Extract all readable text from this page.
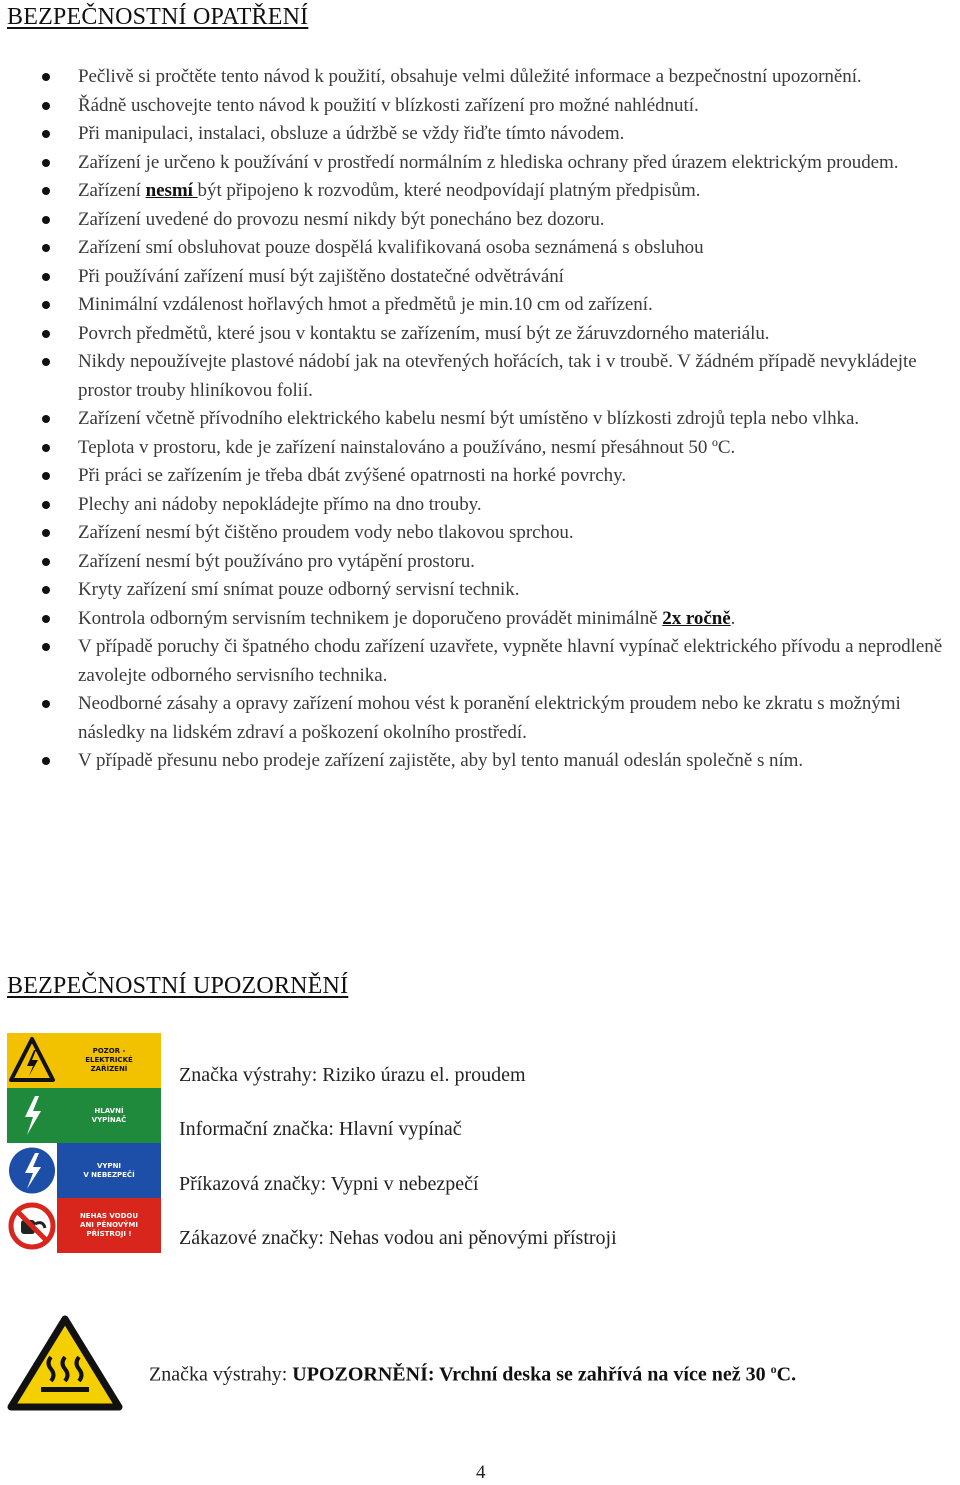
BEZPEČNOSTNÍ OPATŘENÍ
Pečlivě si pročtěte tento návod k použití, obsahuje velmi důležité informace a bezpečnostní upozornění.
Řádně uschovejte tento návod k použití v blízkosti zařízení pro možné nahlédnutí.
Při manipulaci, instalaci, obsluze a údržbě se vždy řiďte tímto návodem.
Zařízení je určeno k používání v prostředí normálním z hlediska ochrany před úrazem elektrickým proudem.
Zařízení nesmí být připojeno k rozvodům, které neodpovídají platným předpisům.
Zařízení uvedené do provozu nesmí nikdy být ponecháno bez dozoru.
Zařízení smí obsluhovat pouze dospělá kvalifikovaná osoba seznámená s obsluhou
Při používání zařízení musí být zajištěno dostatečné odvětrávání
Minimální vzdálenost hořlavých hmot a předmětů je min.10 cm od zařízení.
Povrch předmětů, které jsou v kontaktu se zařízením, musí být ze žáruvzdorného materiálu.
Nikdy nepoužívejte plastové nádobí jak na otevřených hořácích, tak i v troubě. V žádném případě nevykládejte prostor trouby hliníkovou folií.
Zařízení včetně přívodního elektrického kabelu nesmí být umístěno v blízkosti zdrojů tepla nebo vlhka.
Teplota v prostoru, kde je zařízení nainstalováno a používáno, nesmí přesáhnout 50 ºC.
Při práci se zařízením je třeba dbát zvýšené opatrnosti na horké povrchy.
Plechy ani nádoby nepokládejte přímo na dno trouby.
Zařízení nesmí být čištěno proudem vody nebo tlakovou sprchou.
Zařízení nesmí být používáno pro vytápění prostoru.
Kryty zařízení smí snímat pouze odborný servisní technik.
Kontrola odborným servisním technikem je doporučeno provádět minimálně 2x ročně.
V případě poruchy či špatného chodu zařízení uzavřete, vypněte hlavní vypínač elektrického přívodu a neprodleně zavolejte odborného servisního technika.
Neodborné zásahy a opravy zařízení mohou vést k poranění elektrickým proudem nebo ke zkratu s možnými následky na lidském zdraví a poškození okolního prostředí.
V případě přesunu nebo prodeje zařízení zajistěte, aby byl tento manuál odeslán společně s ním.
BEZPEČNOSTNÍ UPOZORNĚNÍ
POZOR -
ELEKTRICKÉ
ZAŘÍZENÍ
HLAVNÍ
VYPÍNAČ
VYPNI
V NEBEZPEČÍ
NEHAS VODOU
ANI PĚNOVÝMI
PŘÍSTROJI !

Značka výstrahy: Riziko úrazu el. proudem

Informační značka: Hlavní vypínač

Příkazová značky: Vypni v nebezpečí

Zákazové značky: Nehas vodou ani pěnovými přístroji

Značka výstrahy: UPOZORNĚNÍ: Vrchní deska se zahřívá na více než 30 $^o$C.

4
